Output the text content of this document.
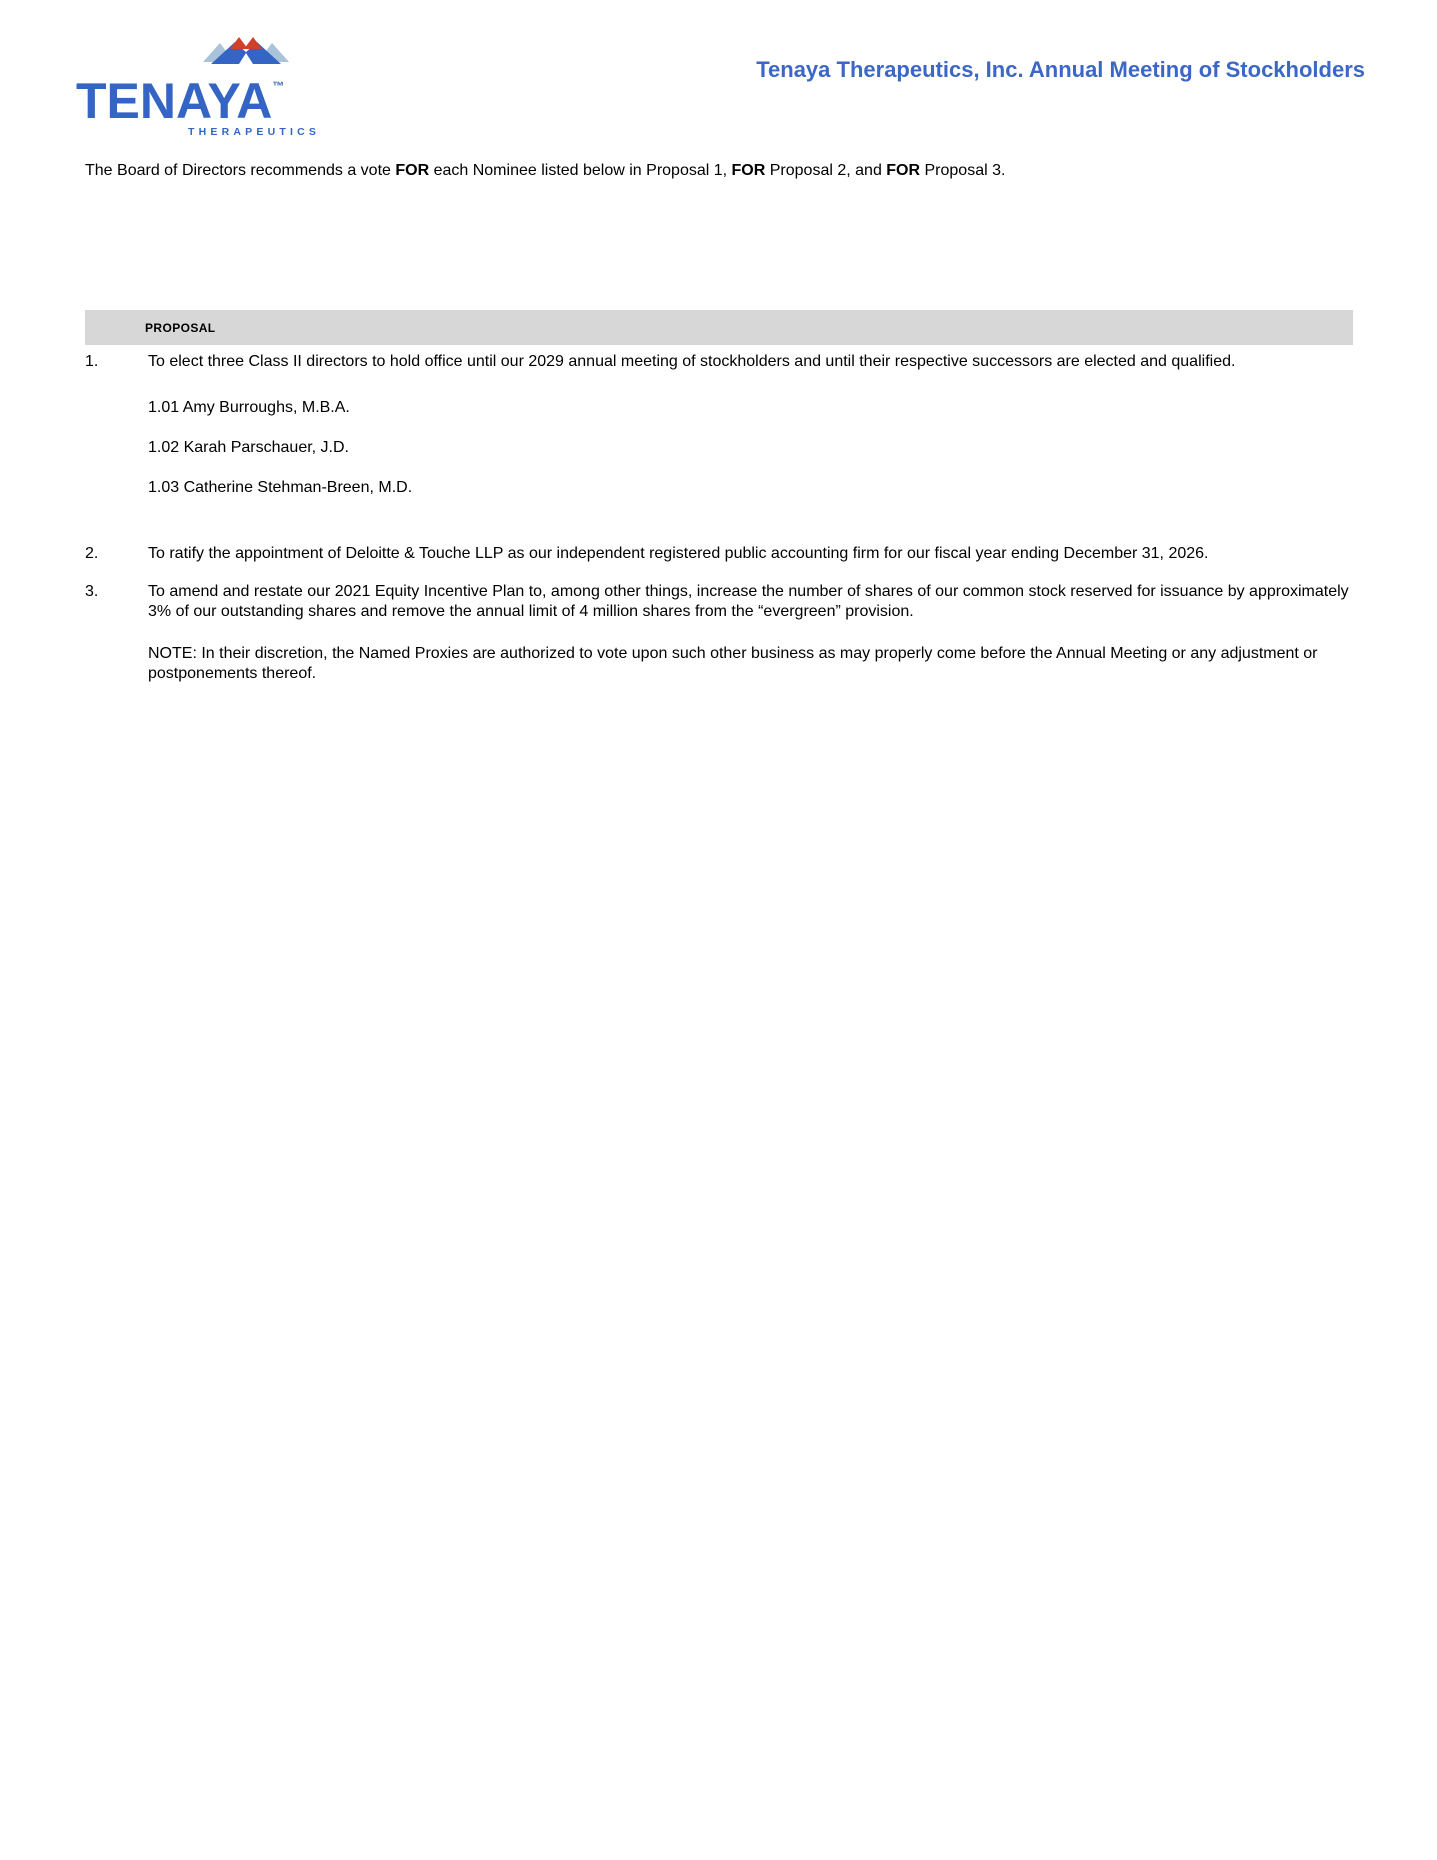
TENAYA™
THERAPEUTICS
Tenaya Therapeutics, Inc. Annual Meeting of Stockholders

The Board of Directors recommends a vote FOR each Nominee listed below in Proposal 1, FOR Proposal 2, and FOR Proposal 3.

PROPOSAL
1.	To elect three Class II directors to hold office until our 2029 annual meeting of stockholders and until their respective successors are elected and qualified.
1.01 Amy Burroughs, M.B.A.
1.02 Karah Parschauer, J.D.
1.03 Catherine Stehman-Breen, M.D.
2.	To ratify the appointment of Deloitte & Touche LLP as our independent registered public accounting firm for our fiscal year ending December 31, 2026.
3.	To amend and restate our 2021 Equity Incentive Plan to, among other things, increase the number of shares of our common stock reserved for issuance by approximately 3% of our outstanding shares and remove the annual limit of 4 million shares from the “evergreen” provision.
NOTE: In their discretion, the Named Proxies are authorized to vote upon such other business as may properly come before the Annual Meeting or any adjustment or postponements thereof.
